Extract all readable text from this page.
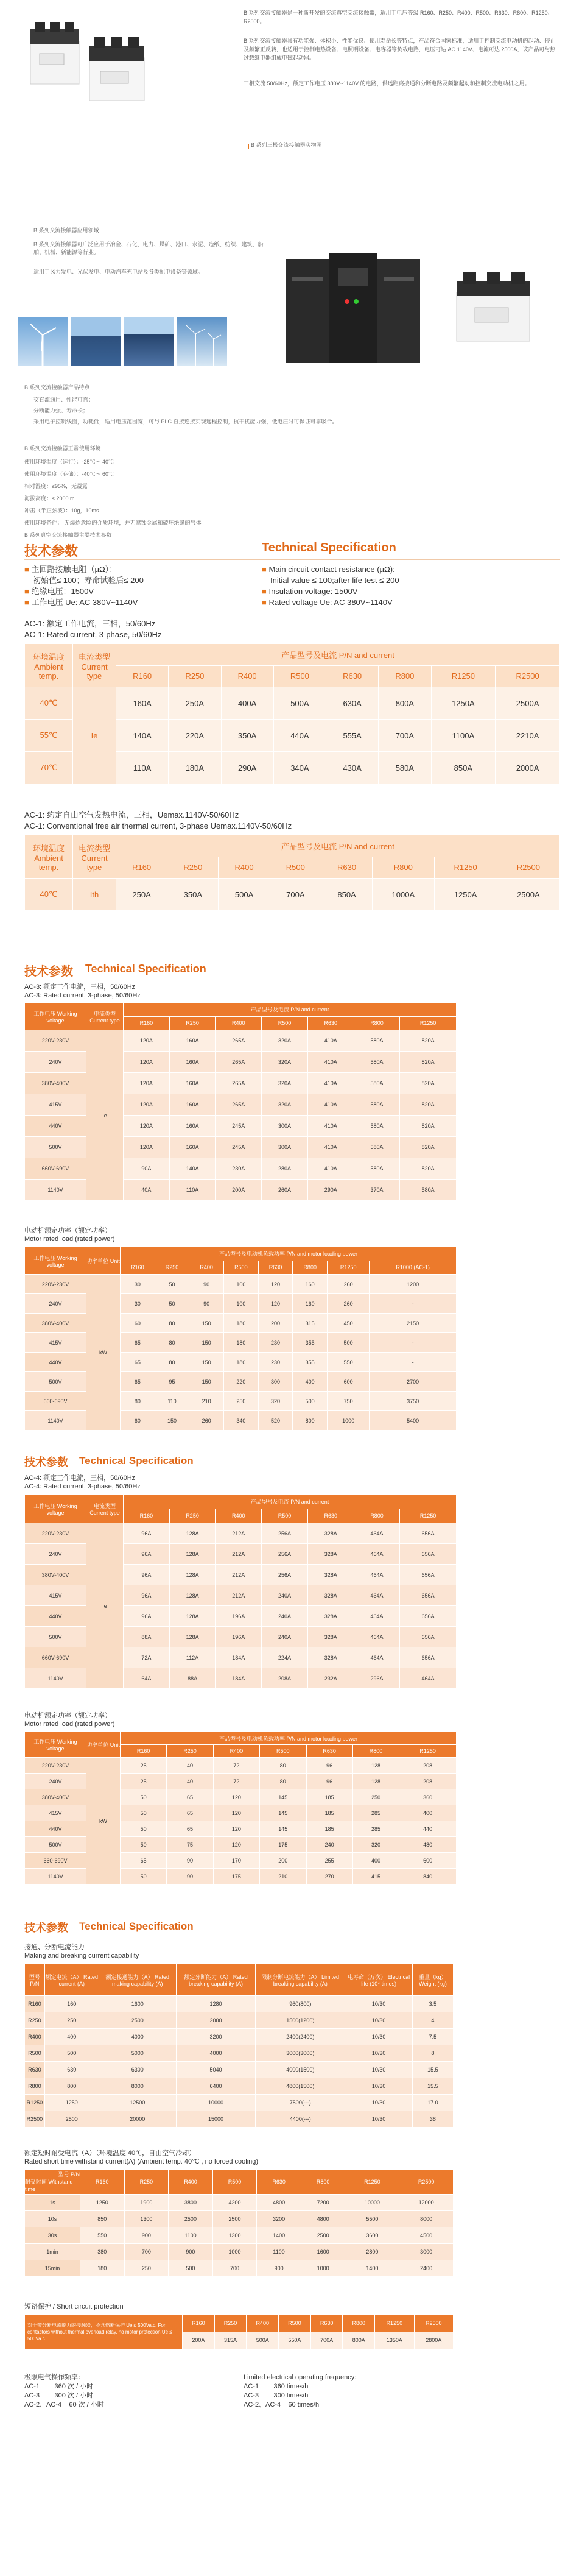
B 系列交流接触器是一种新开发的交流真空交流接触器，适用于电压等级 R160、R250、R400、R500、R630、R800、R1250、R2500。
B 系列交流接触器具有功能强、体积小、性能优良、使用寿命长等特点，产品符合国家标准，适用于控制交流电动机的起动、停止及频繁正反转，也适用于控制电热设备、电照明设备、电容器等负载电路，电压可达 AC 1140V、电流可达 2500A，该产品可与热过载继电器组成电磁起动器。
三相交流 50/60Hz，额定工作电压 380V~1140V 的电路，供远距离接通和分断电路及频繁起动和控制交流电动机之用。
B 系列三极交流接触器实物图
B 系列交流接触器应用领域
B 系列交流接触器可广泛应用于冶金、石化、电力、煤矿、港口、水泥、造纸、纺织、建筑、船舶、机械、新能源等行业。
适用于风力发电、光伏发电、电动汽车充电站及各类配电设备等领域。
B 系列交流接触器产品特点
交直流通用、性能可靠；
分断能力强、寿命长；
采用电子控制线圈，功耗低，适用电压范围宽，可与 PLC 直接连接实现远程控制，抗干扰能力强，低电压时可保证可靠吸合。
B 系列交流接触器正常使用环境
使用环境温度（运行）：-25℃～ 40℃
使用环境温度（存储）：-40℃～ 60℃
相对湿度：≤95%，无凝露
海拔高度：≤ 2000 m
冲击（半正弦波）：10g，10ms
使用环境条件： 无爆炸危险的介质环境，并无腐蚀金属和破坏绝缘的气体
B 系列真空交流接触器主要技术参数
技术参数	Technical Specification
■ 主回路接触电阻（μΩ）：
初始值≤ 100；寿命试验后≤ 200
■ 绝缘电压：1500V
■ 工作电压 Ue: AC 380V~1140V
■ Main circuit contact resistance (μΩ):
Initial value ≤ 100;after life test ≤ 200
■ Insulation voltage: 1500V
■ Rated voltage Ue: AC 380V~1140V
AC-1: 额定工作电流，三相，50/60Hz
AC-1: Rated current, 3-phase, 50/60Hz
环境温度 Ambient temp.	电流类型 Current type	产品型号及电流 P/N and current							
		R160	R250	R400	R500	R630	R800	R1250	R2500
40℃	Ie	160A	250A	400A	500A	630A	800A	1250A	2500A
55℃		140A	220A	350A	440A	555A	700A	1100A	2210A
70℃		110A	180A	290A	340A	430A	580A	850A	2000A
AC-1: 约定自由空气发热电流，三相，Uemax.1140V-50/60Hz
AC-1: Conventional free air thermal current, 3-phase Uemax.1140V-50/60Hz
环境温度 Ambient temp.	电流类型 Current type	产品型号及电流 P/N and current							
		R160	R250	R400	R500	R630	R800	R1250	R2500
40℃	Ith	250A	350A	500A	700A	850A	1000A	1250A	2500A
技术参数 Technical Specification
AC-3: 额定工作电流，三相，50/60Hz
AC-3: Rated current, 3-phase, 50/60Hz
工作电压 Working voltage	电流类型 Current type	产品型号及电流 P/N and current						
		R160	R250	R400	R500	R630	R800	R1250
220V-230V	Ie	120A	160A	265A	320A	410A	580A	820A
240V		120A	160A	265A	320A	410A	580A	820A
380V-400V		120A	160A	265A	320A	410A	580A	820A
415V		120A	160A	265A	320A	410A	580A	820A
440V		120A	160A	245A	300A	410A	580A	820A
500V		120A	160A	245A	300A	410A	580A	820A
660V-690V		90A	140A	230A	280A	410A	580A	820A
1140V		40A	110A	200A	260A	290A	370A	580A
电动机额定功率（额定功率）
Motor rated load (rated power)
工作电压 Working voltage	功率单位 Unit	产品型号及电动机负载功率 P/N and motor loading power							
		R160	R250	R400	R500	R630	R800	R1250	R1000 (AC-1)
220V-230V	kW	30	50	90	100	120	160	260	1200
240V		30	50	90	100	120	160	260	-
380V-400V		60	80	150	180	200	315	450	2150
415V		65	80	150	180	230	355	500	-
440V		65	80	150	180	230	355	550	-
500V		65	95	150	220	300	400	600	2700
660-690V		80	110	210	250	320	500	750	3750
1140V		60	150	260	340	520	800	1000	5400
技术参数 Technical Specification
AC-4: 额定工作电流，三相，50/60Hz
AC-4: Rated current, 3-phase, 50/60Hz
工作电压 Working voltage	电流类型 Current type	产品型号及电流 P/N and current						
		R160	R250	R400	R500	R630	R800	R1250
220V-230V	Ie	96A	128A	212A	256A	328A	464A	656A
240V		96A	128A	212A	256A	328A	464A	656A
380V-400V		96A	128A	212A	256A	328A	464A	656A
415V		96A	128A	212A	240A	328A	464A	656A
440V		96A	128A	196A	240A	328A	464A	656A
500V		88A	128A	196A	240A	328A	464A	656A
660V-690V		72A	112A	184A	224A	328A	464A	656A
1140V		64A	88A	184A	208A	232A	296A	464A
电动机额定功率（额定功率）
Motor rated load (rated power)
工作电压 Working voltage	功率单位 Unit	产品型号及电动机负载功率 P/N and motor loading power						
		R160	R250	R400	R500	R630	R800	R1250
220V-230V	kW	25	40	72	80	96	128	208
240V		25	40	72	80	96	128	208
380V-400V		50	65	120	145	185	250	360
415V		50	65	120	145	185	285	400
440V		50	65	120	145	185	285	440
500V		50	75	120	175	240	320	480
660-690V		65	90	170	200	255	400	600
1140V		50	90	175	210	270	415	840
技术参数 Technical Specification
接通、分断电流能力
Making and breaking current capability
型号 P/N	额定电流（A） Rated current (A)	额定接通能力（A） Rated making capability (A)	额定分断能力（A） Rated breaking capability (A)	限制分断电流能力（A） Limited breaking capability (A)	电寿命（万次） Electrical life (10⁴ times)	重量（kg） Weight (kg)
R160	160	1600	1280	960(800)	10/30	3.5
R250	250	2500	2000	1500(1200)	10/30	4
R400	400	4000	3200	2400(2400)	10/30	7.5
R500	500	5000	4000	3000(3000)	10/30	8
R630	630	6300	5040	4000(1500)	10/30	15.5
R800	800	8000	6400	4800(1500)	10/30	15.5
R1250	1250	12500	10000	7500(---)	10/30	17.0
R2500	2500	20000	15000	4400(---)	10/30	38
额定短时耐受电流（A）（环境温度 40℃，自由空气冷却）
Rated short time withstand current(A) (Ambient temp. 40℃ , no forced cooling)
型号 P/N
耐受时间 Withstand time	R160	R250	R400	R500	R630	R800	R1250	R2500
1s	1250	1900	3800	4200	4800	7200	10000	12000
10s	850	1300	2500	2500	3200	4800	5500	8000
30s	550	900	1100	1300	1400	2500	3600	4500
1min	380	700	900	1000	1100	1600	2800	3000
15min	180	250	500	700	900	1000	1400	2400
短路保护 / Short circuit protection
对于带分断电流能力的接触器，不含熔断保护 Ue ≤ 500Va.c. For contactors without thermal overload relay, no motor protection Ue ≤ 500Va.c.	R160	R250	R400	R500	R630	R800	R1250	R2500
	200A	315A	500A	550A	700A	800A	1350A	2800A
极限电气操作频率：
AC-1        360 次 / 小时
AC-3        300 次 / 小时
AC-2、AC-4    60 次 / 小时
Limited electrical operating frequency:
AC-1        360 times/h
AC-3        300 times/h
AC-2、AC-4    60 times/h
